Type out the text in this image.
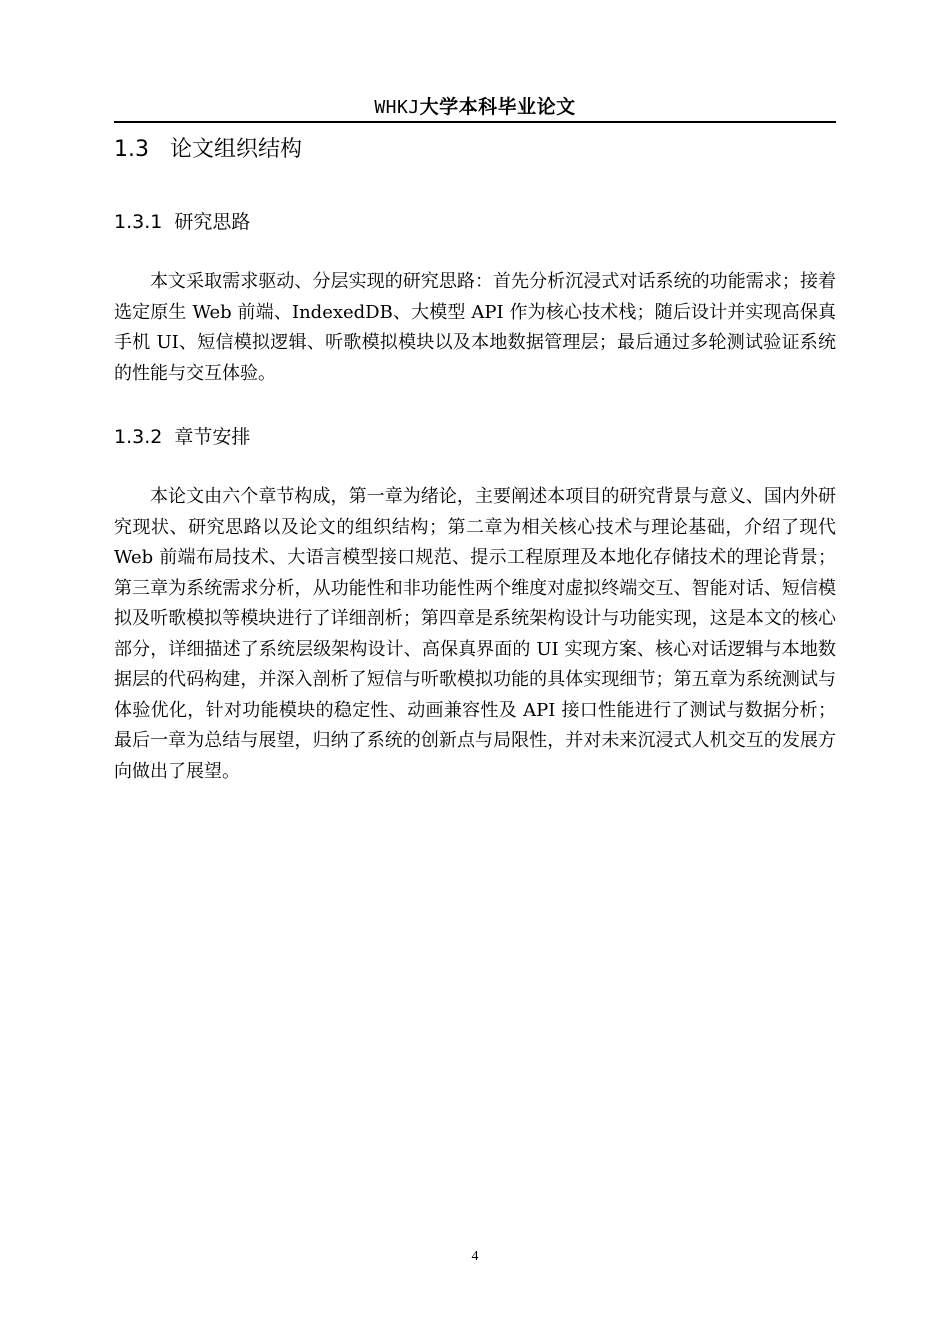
WHKJ大学本科毕业论文
1.3 论文组织结构
1.3.1 研究思路

本文采取需求驱动、分层实现的研究思路：首先分析沉浸式对话系统的功能需求；接着选定原生 Web 前端、IndexedDB、大模型 API 作为核心技术栈；随后设计并实现高保真手机 UI、短信模拟逻辑、听歌模拟模块以及本地数据管理层；最后通过多轮测试验证系统的性能与交互体验。

1.3.2 章节安排

本论文由六个章节构成，第一章为绪论，主要阐述本项目的研究背景与意义、国内外研究现状、研究思路以及论文的组织结构；第二章为相关核心技术与理论基础，介绍了现代 Web 前端布局技术、大语言模型接口规范、提示工程原理及本地化存储技术的理论背景；第三章为系统需求分析，从功能性和非功能性两个维度对虚拟终端交互、智能对话、短信模拟及听歌模拟等模块进行了详细剖析；第四章是系统架构设计与功能实现，这是本文的核心部分，详细描述了系统层级架构设计、高保真界面的 UI 实现方案、核心对话逻辑与本地数据层的代码构建，并深入剖析了短信与听歌模拟功能的具体实现细节；第五章为系统测试与体验优化，针对功能模块的稳定性、动画兼容性及 API 接口性能进行了测试与数据分析；最后一章为总结与展望，归纳了系统的创新点与局限性，并对未来沉浸式人机交互的发展方向做出了展望。

4
